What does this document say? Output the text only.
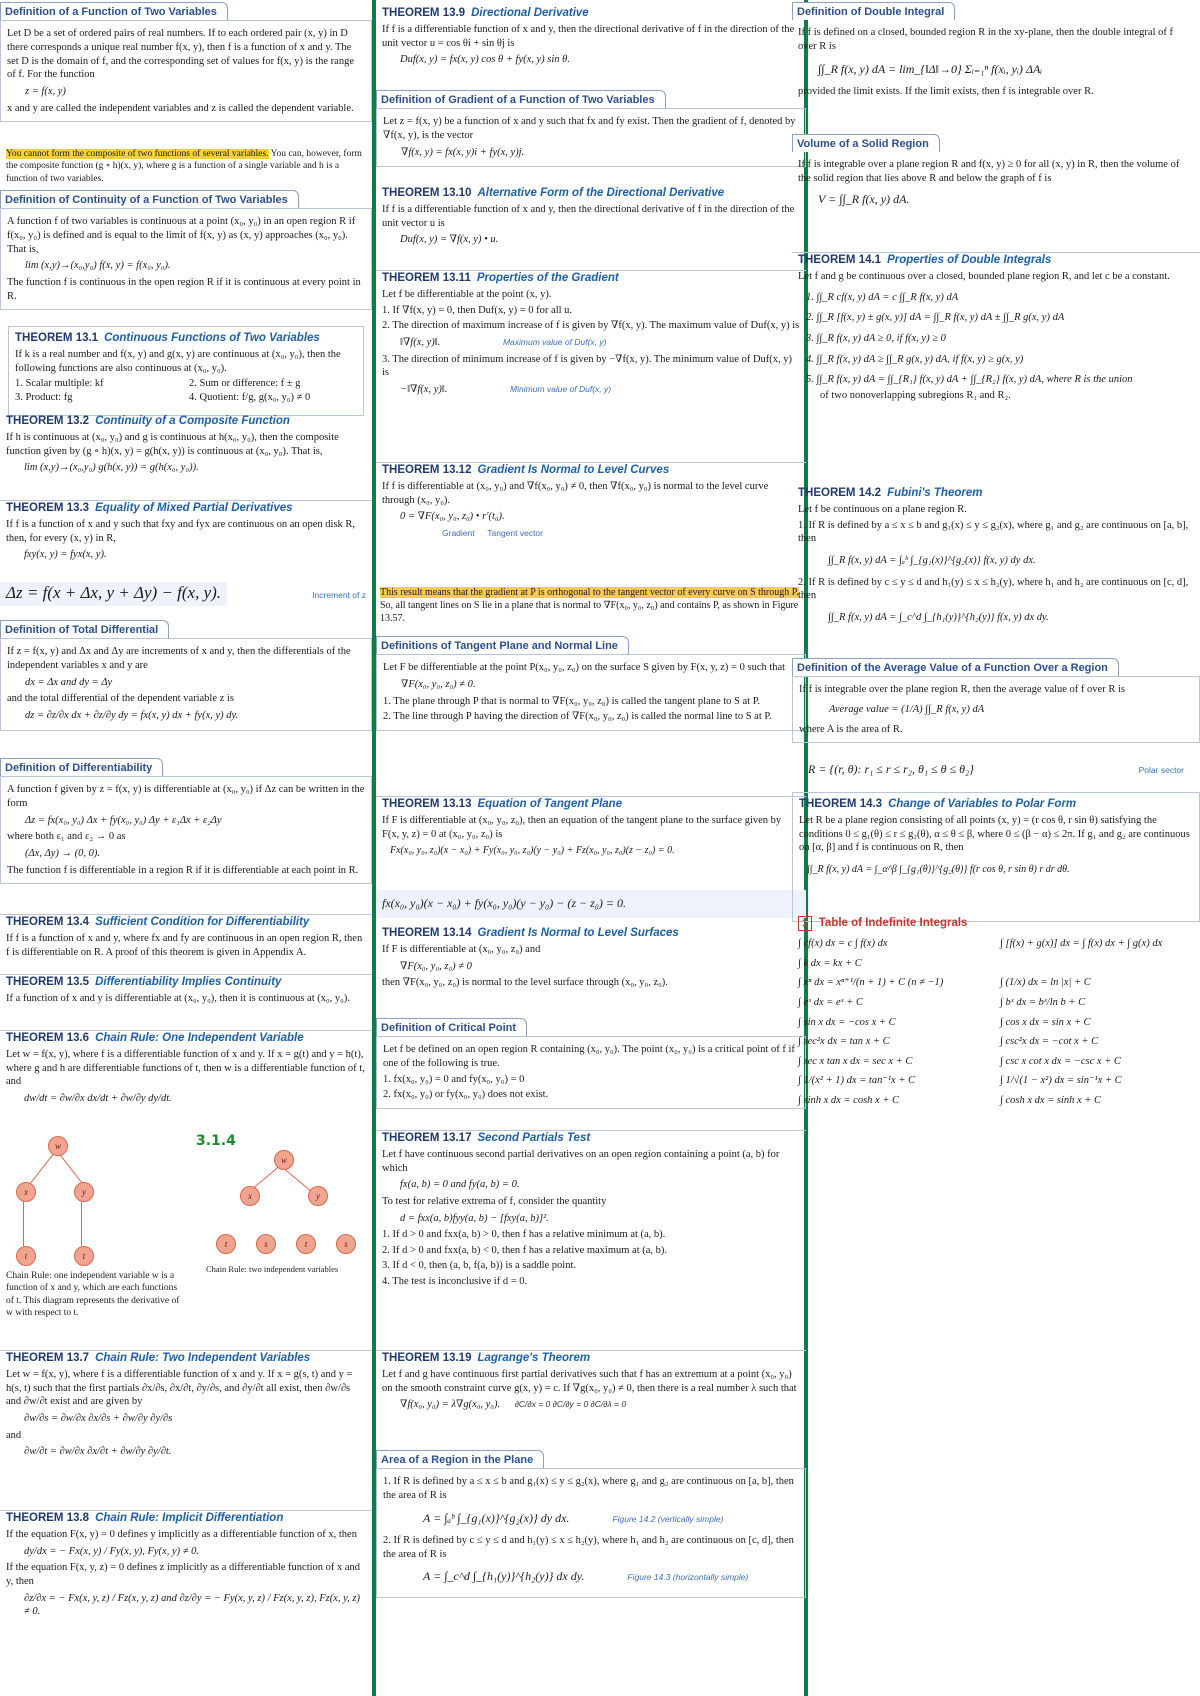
Definition of a Function of Two Variables
Let D be a set of ordered pairs of real numbers. If to each ordered pair (x, y) in D there corresponds a unique real number f(x, y), then f is a function of x and y. The set D is the domain of f, and the corresponding set of values for f(x, y) is the range of f. For the function
z = f(x, y)
x and y are called the independent variables and z is called the dependent variable.
You cannot form the composite of two functions of several variables. You can, however, form the composite function (g ∘ h)(x, y), where g is a function of a single variable and h is a function of two variables.
Definition of Continuity of a Function of Two Variables
A function f of two variables is continuous at a point (x₀, y₀) in an open region R if f(x₀, y₀) is defined and is equal to the limit of f(x, y) as (x, y) approaches (x₀, y₀). That is,
lim (x,y)→(x₀,y₀) f(x, y) = f(x₀, y₀).
The function f is continuous in the open region R if it is continuous at every point in R.
THEOREM 13.1 Continuous Functions of Two Variables
If k is a real number and f(x, y) and g(x, y) are continuous at (x₀, y₀), then the following functions are also continuous at (x₀, y₀).
1. Scalar multiple: kf
3. Product: fg
2. Sum or difference: f ± g
4. Quotient: f/g, g(x₀, y₀) ≠ 0
THEOREM 13.2 Continuity of a Composite Function
If h is continuous at (x₀, y₀) and g is continuous at h(x₀, y₀), then the composite function given by (g ∘ h)(x, y) = g(h(x, y)) is continuous at (x₀, y₀). That is,
lim (x,y)→(x₀,y₀) g(h(x, y)) = g(h(x₀, y₀)).
THEOREM 13.3 Equality of Mixed Partial Derivatives
If f is a function of x and y such that fxy and fyx are continuous on an open disk R, then, for every (x, y) in R,
fxy(x, y) = fyx(x, y).
Δz = f(x + Δx, y + Δy) − f(x, y).	Increment of z
Definition of Total Differential
If z = f(x, y) and Δx and Δy are increments of x and y, then the differentials of the independent variables x and y are
dx = Δx and dy = Δy
and the total differential of the dependent variable z is
dz = ∂z/∂x dx + ∂z/∂y dy = fx(x, y) dx + fy(x, y) dy.
Definition of Differentiability
A function f given by z = f(x, y) is differentiable at (x₀, y₀) if Δz can be written in the form
Δz = fx(x₀, y₀) Δx + fy(x₀, y₀) Δy + ε₁Δx + ε₂Δy
where both ε₁ and ε₂ → 0 as
(Δx, Δy) → (0, 0).
The function f is differentiable in a region R if it is differentiable at each point in R.
THEOREM 13.4 Sufficient Condition for Differentiability
If f is a function of x and y, where fx and fy are continuous in an open region R, then f is differentiable on R. A proof of this theorem is given in Appendix A.
THEOREM 13.5 Differentiability Implies Continuity
If a function of x and y is differentiable at (x₀, y₀), then it is continuous at (x₀, y₀).
THEOREM 13.6 Chain Rule: One Independent Variable
Let w = f(x, y), where f is a differentiable function of x and y. If x = g(t) and y = h(t), where g and h are differentiable functions of t, then w is a differentiable function of t, and
dw/dt = ∂w/∂x dx/dt + ∂w/∂y dy/dt.
w
x	y
t	t
3.1.4
w
x	y
t	s	t	s
Chain Rule: one independent variable w is a function of x and y, which are each functions of t. This diagram represents the derivative of w with respect to t.
Chain Rule: two independent variables
THEOREM 13.7 Chain Rule: Two Independent Variables
Let w = f(x, y), where f is a differentiable function of x and y. If x = g(s, t) and y = h(s, t) such that the first partials ∂x/∂s, ∂x/∂t, ∂y/∂s, and ∂y/∂t all exist, then ∂w/∂s and ∂w/∂t exist and are given by
∂w/∂s = ∂w/∂x ∂x/∂s + ∂w/∂y ∂y/∂s
and
∂w/∂t = ∂w/∂x ∂x/∂t + ∂w/∂y ∂y/∂t.
THEOREM 13.8 Chain Rule: Implicit Differentiation
If the equation F(x, y) = 0 defines y implicitly as a differentiable function of x, then
dy/dx = − Fx(x, y) / Fy(x, y), Fy(x, y) ≠ 0.
If the equation F(x, y, z) = 0 defines z implicitly as a differentiable function of x and y, then
∂z/∂x = − Fx(x, y, z) / Fz(x, y, z) and ∂z/∂y = − Fy(x, y, z) / Fz(x, y, z), Fz(x, y, z) ≠ 0.
THEOREM 13.9 Directional Derivative
If f is a differentiable function of x and y, then the directional derivative of f in the direction of the unit vector u = cos θi + sin θj is
Duf(x, y) = fx(x, y) cos θ + fy(x, y) sin θ.
Definition of Gradient of a Function of Two Variables
Let z = f(x, y) be a function of x and y such that fx and fy exist. Then the gradient of f, denoted by ∇f(x, y), is the vector
∇f(x, y) = fx(x, y)i + fy(x, y)j.
THEOREM 13.10 Alternative Form of the Directional Derivative
If f is a differentiable function of x and y, then the directional derivative of f in the direction of the unit vector u is
Duf(x, y) = ∇f(x, y) • u.
THEOREM 13.11 Properties of the Gradient
Let f be differentiable at the point (x, y).
1. If ∇f(x, y) = 0, then Duf(x, y) = 0 for all u.
2. The direction of maximum increase of f is given by ∇f(x, y). The maximum value of Duf(x, y) is
‖∇f(x, y)‖.	Maximum value of Duf(x, y)
3. The direction of minimum increase of f is given by −∇f(x, y). The minimum value of Duf(x, y) is
−‖∇f(x, y)‖.	Minimum value of Duf(x, y)
THEOREM 13.12 Gradient Is Normal to Level Curves
If f is differentiable at (x₀, y₀) and ∇f(x₀, y₀) ≠ 0, then ∇f(x₀, y₀) is normal to the level curve through (x₀, y₀).
0 = ∇F(x₀, y₀, z₀) • r′(t₀).
Gradient Tangent vector
This result means that the gradient at P is orthogonal to the tangent vector of every curve on S through P. So, all tangent lines on S lie in a plane that is normal to ∇F(x₀, y₀, z₀) and contains P, as shown in Figure 13.57.
Definitions of Tangent Plane and Normal Line
Let F be differentiable at the point P(x₀, y₀, z₀) on the surface S given by F(x, y, z) = 0 such that
∇F(x₀, y₀, z₀) ≠ 0.
1. The plane through P that is normal to ∇F(x₀, y₀, z₀) is called the tangent plane to S at P.
2. The line through P having the direction of ∇F(x₀, y₀, z₀) is called the normal line to S at P.
THEOREM 13.13 Equation of Tangent Plane
If F is differentiable at (x₀, y₀, z₀), then an equation of the tangent plane to the surface given by F(x, y, z) = 0 at (x₀, y₀, z₀) is
Fx(x₀, y₀, z₀)(x − x₀) + Fy(x₀, y₀, z₀)(y − y₀) + Fz(x₀, y₀, z₀)(z − z₀) = 0.
fx(x₀, y₀)(x − x₀) + fy(x₀, y₀)(y − y₀) − (z − z₀) = 0.
THEOREM 13.14 Gradient Is Normal to Level Surfaces
If F is differentiable at (x₀, y₀, z₀) and
∇F(x₀, y₀, z₀) ≠ 0
then ∇F(x₀, y₀, z₀) is normal to the level surface through (x₀, y₀, z₀).
Definition of Critical Point
Let f be defined on an open region R containing (x₀, y₀). The point (x₀, y₀) is a critical point of f if one of the following is true.
1. fx(x₀, y₀) = 0 and fy(x₀, y₀) = 0
2. fx(x₀, y₀) or fy(x₀, y₀) does not exist.
THEOREM 13.17 Second Partials Test
Let f have continuous second partial derivatives on an open region containing a point (a, b) for which
fx(a, b) = 0 and fy(a, b) = 0.
To test for relative extrema of f, consider the quantity
d = fxx(a, b)fyy(a, b) − [fxy(a, b)]².
1. If d > 0 and fxx(a, b) > 0, then f has a relative minimum at (a, b).
2. If d > 0 and fxx(a, b) < 0, then f has a relative maximum at (a, b).
3. If d < 0, then (a, b, f(a, b)) is a saddle point.
4. The test is inconclusive if d = 0.
THEOREM 13.19 Lagrange's Theorem
Let f and g have continuous first partial derivatives such that f has an extremum at a point (x₀, y₀) on the smooth constraint curve g(x, y) = c. If ∇g(x₀, y₀) ≠ 0, then there is a real number λ such that
∇f(x₀, y₀) = λ∇g(x₀, y₀). ∂C/∂x = 0 ∂C/∂y = 0 ∂C/∂λ = 0
Area of a Region in the Plane
1. If R is defined by a ≤ x ≤ b and g₁(x) ≤ y ≤ g₂(x), where g₁ and g₂ are continuous on [a, b], then the area of R is
A = ∫ₐᵇ ∫_{g₁(x)}^{g₂(x)} dy dx.	Figure 14.2 (vertically simple)
2. If R is defined by c ≤ y ≤ d and h₁(y) ≤ x ≤ h₂(y), where h₁ and h₂ are continuous on [c, d], then the area of R is
A = ∫_c^d ∫_{h₁(y)}^{h₂(y)} dx dy.	Figure 14.3 (horizontally simple)
Definition of Double Integral
If f is defined on a closed, bounded region R in the xy-plane, then the double integral of f over R is
∫∫_R f(x, y) dA = lim_{‖Δ‖→0} Σᵢ₌₁ⁿ f(xᵢ, yᵢ) ΔAᵢ
provided the limit exists. If the limit exists, then f is integrable over R.
Volume of a Solid Region
If f is integrable over a plane region R and f(x, y) ≥ 0 for all (x, y) in R, then the volume of the solid region that lies above R and below the graph of f is
V = ∫∫_R f(x, y) dA.
THEOREM 14.1 Properties of Double Integrals
Let f and g be continuous over a closed, bounded plane region R, and let c be a constant.
1. ∫∫_R cf(x, y) dA = c ∫∫_R f(x, y) dA
2. ∫∫_R [f(x, y) ± g(x, y)] dA = ∫∫_R f(x, y) dA ± ∫∫_R g(x, y) dA
3. ∫∫_R f(x, y) dA ≥ 0, if f(x, y) ≥ 0
4. ∫∫_R f(x, y) dA ≥ ∫∫_R g(x, y) dA, if f(x, y) ≥ g(x, y)
5. ∫∫_R f(x, y) dA = ∫∫_{R₁} f(x, y) dA + ∫∫_{R₂} f(x, y) dA, where R is the union
of two nonoverlapping subregions R₁ and R₂.
THEOREM 14.2 Fubini's Theorem
Let f be continuous on a plane region R.
1. If R is defined by a ≤ x ≤ b and g₁(x) ≤ y ≤ g₂(x), where g₁ and g₂ are continuous on [a, b], then
∫∫_R f(x, y) dA = ∫ₐᵇ ∫_{g₁(x)}^{g₂(x)} f(x, y) dy dx.
2. If R is defined by c ≤ y ≤ d and h₁(y) ≤ x ≤ h₂(y), where h₁ and h₂ are continuous on [c, d], then
∫∫_R f(x, y) dA = ∫_c^d ∫_{h₁(y)}^{h₂(y)} f(x, y) dx dy.
Definition of the Average Value of a Function Over a Region
If f is integrable over the plane region R, then the average value of f over R is
Average value = (1/A) ∫∫_R f(x, y) dA
where A is the area of R.
R = {(r, θ): r₁ ≤ r ≤ r₂, θ₁ ≤ θ ≤ θ₂}	Polar sector
THEOREM 14.3 Change of Variables to Polar Form
Let R be a plane region consisting of all points (x, y) = (r cos θ, r sin θ) satisfying the conditions 0 ≤ g₁(θ) ≤ r ≤ g₂(θ), α ≤ θ ≤ β, where 0 ≤ (β − α) ≤ 2π. If g₁ and g₂ are continuous on [α, β] and f is continuous on R, then
∫∫_R f(x, y) dA = ∫_α^β ∫_{g₁(θ)}^{g₂(θ)} f(r cos θ, r sin θ) r dr dθ.
1 Table of Indefinite Integrals
∫ cf(x) dx = c ∫ f(x) dx	∫ [f(x) + g(x)] dx = ∫ f(x) dx + ∫ g(x) dx
∫ k dx = kx + C
∫ xⁿ dx = xⁿ⁺¹/(n + 1) + C (n ≠ −1)	∫ (1/x) dx = ln |x| + C
∫ eˣ dx = eˣ + C	∫ bˣ dx = bˣ/ln b + C
∫ sin x dx = −cos x + C	∫ cos x dx = sin x + C
∫ sec²x dx = tan x + C	∫ csc²x dx = −cot x + C
∫ sec x tan x dx = sec x + C	∫ csc x cot x dx = −csc x + C
∫ 1/(x² + 1) dx = tan⁻¹x + C	∫ 1/√(1 − x²) dx = sin⁻¹x + C
∫ sinh x dx = cosh x + C	∫ cosh x dx = sinh x + C
